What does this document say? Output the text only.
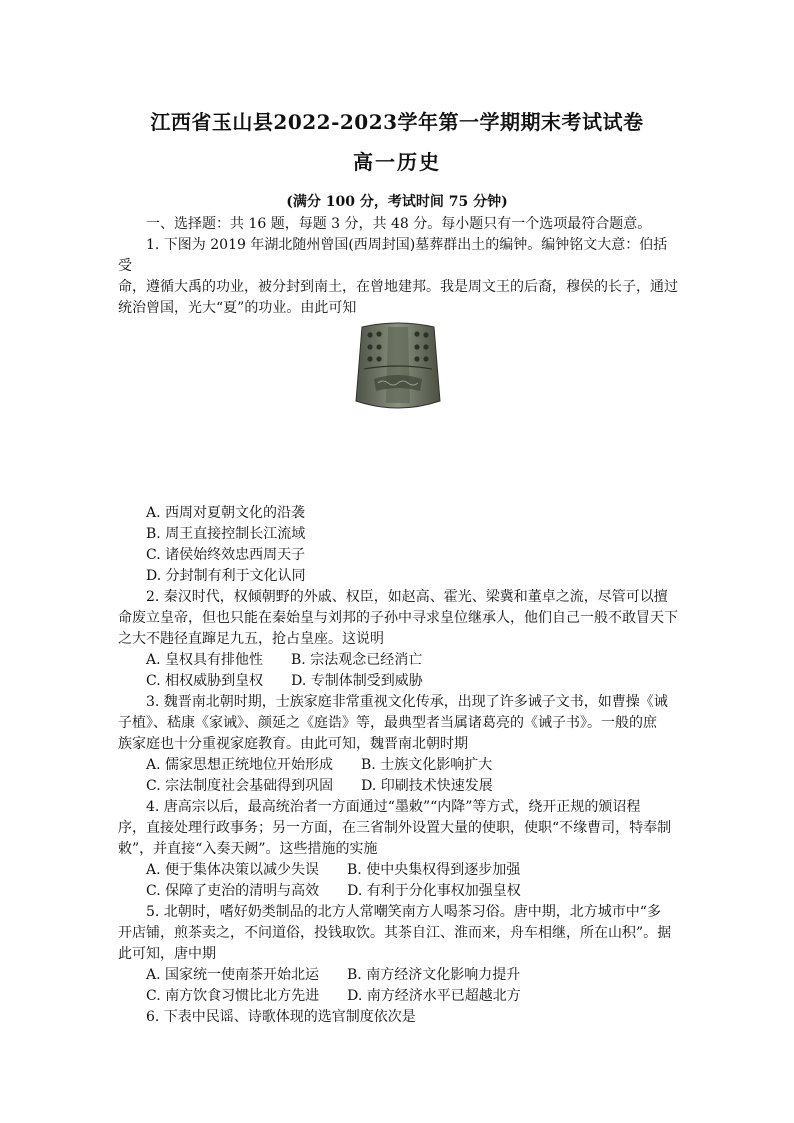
江西省玉山县2022-2023学年第一学期期末考试试卷
高一历史
(满分 100 分，考试时间 75 分钟)

一、选择题：共 16 题，每题 3 分，共 48 分。每小题只有一个选项最符合题意。

1. 下图为 2019 年湖北随州曾国(西周封国)墓葬群出土的编钟。编钟铭文大意：伯括受

命，遵循大禹的功业，被分封到南土，在曾地建邦。我是周文王的后裔，穆侯的长子，通过

统治曾国，光大“夏”的功业。由此可知

A. 西周对夏朝文化的沿袭

B. 周王直接控制长江流域

C. 诸侯始终效忠西周天子

D. 分封制有利于文化认同

2. 秦汉时代，权倾朝野的外戚、权臣，如赵高、霍光、梁冀和董卓之流，尽管可以擅

命废立皇帝，但也只能在秦始皇与刘邦的子孙中寻求皇位继承人，他们自己一般不敢冒天下

之大不韪径直蹿足九五，抢占皇座。这说明

A. 皇权具有排他性 B. 宗法观念已经消亡

C. 相权威胁到皇权 D. 专制体制受到威胁

3. 魏晋南北朝时期，士族家庭非常重视文化传承，出现了许多诫子文书，如曹操《诫

子植》、嵇康《家诫》、颜延之《庭诰》等，最典型者当属诸葛亮的《诫子书》。一般的庶

族家庭也十分重视家庭教育。由此可知，魏晋南北朝时期

A. 儒家思想正统地位开始形成 B. 士族文化影响扩大

C. 宗法制度社会基础得到巩固 D. 印刷技术快速发展

4. 唐高宗以后，最高统治者一方面通过“墨敕”“内降”等方式，绕开正规的颁诏程

序，直接处理行政事务；另一方面，在三省制外设置大量的使职，使职“不缘曹司，特奉制

敕”，并直接“入奏天阙”。这些措施的实施

A. 便于集体决策以减少失误 B. 使中央集权得到逐步加强

C. 保障了吏治的清明与高效 D. 有利于分化事权加强皇权

5. 北朝时，嗜好奶类制品的北方人常嘲笑南方人喝茶习俗。唐中期，北方城市中“多

开店铺，煎茶卖之，不问道俗，投钱取饮。其茶自江、淮而来，舟车相继，所在山积”。据

此可知，唐中期

A. 国家统一使南茶开始北运 B. 南方经济文化影响力提升

C. 南方饮食习惯比北方先进 D. 南方经济水平已超越北方

6. 下表中民谣、诗歌体现的选官制度依次是
